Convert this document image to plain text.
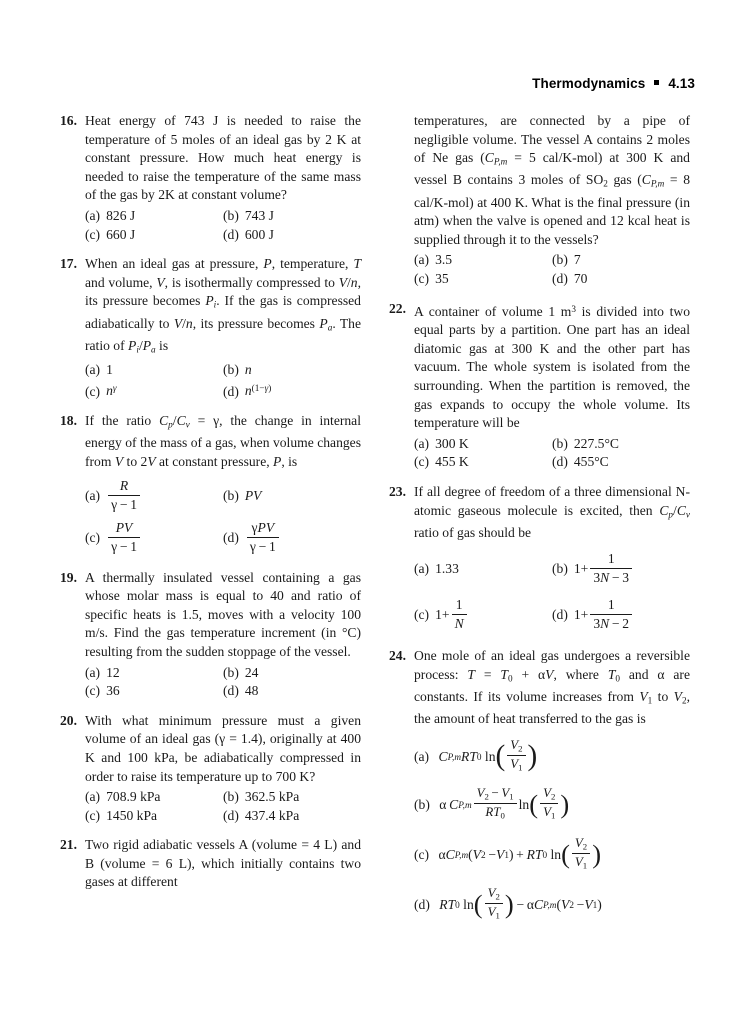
Thermodynamics 4.13
16. Heat energy of 743 J is needed to raise the temperature of 5 moles of an ideal gas by 2 K at constant pressure. How much heat energy is needed to raise the temperature of the same mass of the gas by 2K at constant volume?
(a) 826 J	(b) 743 J
(c) 660 J	(d) 600 J
17. When an ideal gas at pressure, P, temperature, T and volume, V, is isothermally compressed to V/n, its pressure becomes $P_i$. If the gas is compressed adiabatically to V/n, its pressure becomes $P_a$. The ratio of $P_i/P_a$ is
(a) 1	(b) n
(c) $n^\gamma$	(d) $n^{(1-\gamma)}$
18. If the ratio $C_p/C_v = \gamma$, the change in internal energy of the mass of a gas, when volume changes from V to 2V at constant pressure, P, is
$(a) \frac{R}{\gamma - 1}$	(b) PV
$(c) \frac{PV}{\gamma - 1}$	$(d) \frac{\text{γPV}}{\gamma - 1}$
19. A thermally insulated vessel containing a gas whose molar mass is equal to 40 and ratio of specific heats is 1.5, moves with a velocity 100 m/s. Find the gas temperature increment (in °C) resulting from the sudden stoppage of the vessel.
(a) 12	(b) 24
(c) 36	(d) 48
20. With what minimum pressure must a given volume of an ideal gas (γ = 1.4), originally at 400 K and 100 kPa, be adiabatically compressed in order to raise its temperature up to 700 K?
(a) 708.9 kPa	(b) 362.5 kPa
(c) 1450 kPa	(d) 437.4 kPa
21. Two rigid adiabatic vessels A (volume = 4 L) and B (volume = 6 L), which initially contains two gases at different
temperatures, are connected by a pipe of negligible volume. The vessel A contains 2 moles of Ne gas ($C_{P,m} = 5$ cal/K-mol) at 300 K and vessel B contains 3 moles of SO2 gas ($C_{P,m} = 8$ cal/K-mol) at 400 K. What is the final pressure (in atm) when the valve is opened and 12 kcal heat is supplied through it to the vessels?
(a) 3.5	(b) 7
(c) 35	(d) 70
22. A container of volume 1 $m^3$ is divided into two equal parts by a partition. One part has an ideal diatomic gas at 300 K and the other part has vacuum. The whole system is isolated from the surrounding. When the partition is removed, the gas expands to occupy the whole volume. Its temperature will be
(a) 300 K	(b) 227.5°C
(c) 455 K	(d) 455°C
23. If all degree of freedom of a three dimensional N-atomic gaseous molecule is excited, then $C_p/C_v$ ratio of gas should be
(a) 1.33	(b) $1+ \frac{1}{3N - 3}$
(c) $1+ \frac{1}{N}$	(d) $1+ \frac{1}{3N - 2}$
24. One mole of an ideal gas undergoes a reversible process: T = T0 + αV, where T0 and α are constants. If its volume increases from V1 to V2, the amount of heat transferred to the gas is
(a)
C P,m RT 0 ln ( $\frac{V2}{V1}$ )
(b) α  C $P,m \frac{V2 - V1}{RT0}$ ln ( $\frac{V2}{V1}$ )
(c) α C P,m ( V 2  − V 1 ) +  RT 0 ln ( $\frac{V2}{V1}$ )
(d)
RT 0 ln ( $\frac{V2}{V1}$ )  − α C P,m ( V 2  − V 1 )
